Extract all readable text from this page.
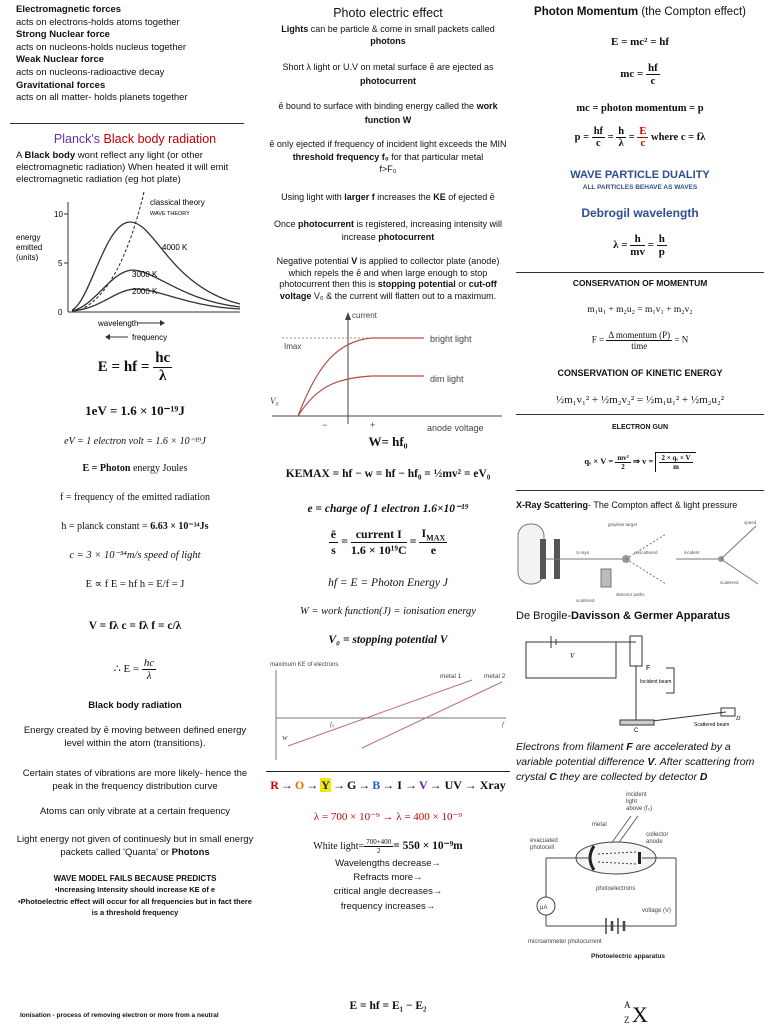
Electromagnetic forces
acts on electrons-holds atoms together
Strong Nuclear force
acts on nucleons-holds nucleus together
Weak Nuclear force
acts on nucleons-radioactive decay
Gravitational forces
acts on all matter- holds planets together
Planck's Black body radiation
A Black body wont reflect any light (or other electromagnetic radiation) When heated it will emit electromagnetic radiation (eg hot plate)
energy
emitted
(units)
10
5
0
classical theory
WAVE THEORY
4000 K
3000 K
2000 K
wavelength
frequency
E = hf = $\frac{hc}{\lambda}$
1eV = 1.6 × 10⁻¹⁹J
eV = 1 electron volt = 1.6 × 10⁻¹⁹J
E = Photon energy Joules
f = frequency of the emitted radiation
h = planck constant = 6.63 × 10⁻³⁴Js
c = 3 × 10⁻³⁴m/s speed of light
E ∝ f E = hf h = E/f = J
V = fλ c = fλ f = c/λ
∴ $E = \frac{hc}{\lambda}$
Black body radiation
Energy created by ē moving between defined energy level within the atom (transitions).
Certain states of vibrations are more likely- hence the peak in the frequency distribution curve
Atoms can only vibrate at a certain frequency
Light energy not given of continuesly but in small energy packets called 'Quanta' or Photons
WAVE MODEL FAILS BECAUSE PREDICTS
•Increasing Intensity should increase KE of e
•Photoelectric effect will occur for all frequencies but in fact there is a threshold frequency
Ionisation - process of removing electron or more from a neutral
Photo electric effect
Lights can be particle & come in small packets called photons
Short λ light or U.V on metal surface ē are ejected as photocurrent
ē bound to surface with binding energy called the work function W
ē only ejected if frequency of incident light exceeds the MIN threshold frequency f₀ for that particular metal
f>F₀
Using light with larger f increases the KE of ejected ē
Once photocurrent is registered, increasing intensity will increase photocurrent
Negative potential V is applied to collector plate (anode) which repels the ē and when large enough to stop photocurrent then this is stopping potential or cut-off voltage V₀ & the current will flatten out to a maximum.
current
Imax
bright light
dim light
V₀
−	+	anode voltage
W= hf₀
KEMAX = hf − w = hf − hf₀ = ½mv² = eV₀
e = charge of 1 electron 1.6×10⁻¹⁹
$\frac{ē}{s} = \frac{\text{current I}}{\text{1.6 × 10¹⁹C}} = \frac{I_{MAX}}{e}$
hf = E = Photon Energy J
W = work function(J) = ionisation energy
V₀ = stopping potential V
maximum KE of electrons
metal 1	metal 2
f₀	f
W
R → O → Y → G → B → I → V → UV → Xray
λ = 700 × 10⁻⁹ → λ = 400 × 10⁻⁹
White light= $\frac{700+400}{2} = 550 \times 10^{-9}m$
Wavelengths decrease→
Refracts more→
critical angle decreases→
frequency increases→
E = hf = E₁ − E₂
Photon Momentum (the Compton effect)
E = mc² = hf
mc = $\frac{hf}{c}$
mc = photon momentum = p
$p = \frac{hf}{c} = \frac{h}{\lambda} = \frac{E}{c}$ where c = fλ
WAVE PARTICLE DUALITY
ALL PARTICLES BEHAVE AS WAVES
Debrogil wavelength
$\lambda = \frac{h}{mv} = \frac{h}{p}$
CONSERVATION OF MOMENTUM
m₁u₁ + m₂u₂ = m₁v₁ + m₂v₂
$F = \frac{\text{Δ momentum (P)}}{\text{time}} = N$
CONSERVATION OF KINETIC ENERGY
½m₁v₁² + ½m₂v₂² = ½m₁u₁² + ½m₂u₂²
ELECTRON GUN
$q_e \times V = \frac{\text{mv²}}{2}$ ⇒ $v = \frac{\text{2 × qₑ × V}}{m}$
X-Ray Scattering- The Compton affect & light pressure
graphite target
X-rays	unscattered
detector paths
scattered
incident
scattered
speed
De Brogile-Davisson & Germer Apparatus
V
F
Incident beam
Scattered beam
C
D
Electrons from filament F are accelerated by a variable potential difference V. After scattering from crystal C they are collected by detector D
incident light above (f₀)
metal
evacuated photocell
collector anode
photoelectrons
μA	voltage (V)
microammeter photocurrent
Photoelectric apparatus
A
Z X
